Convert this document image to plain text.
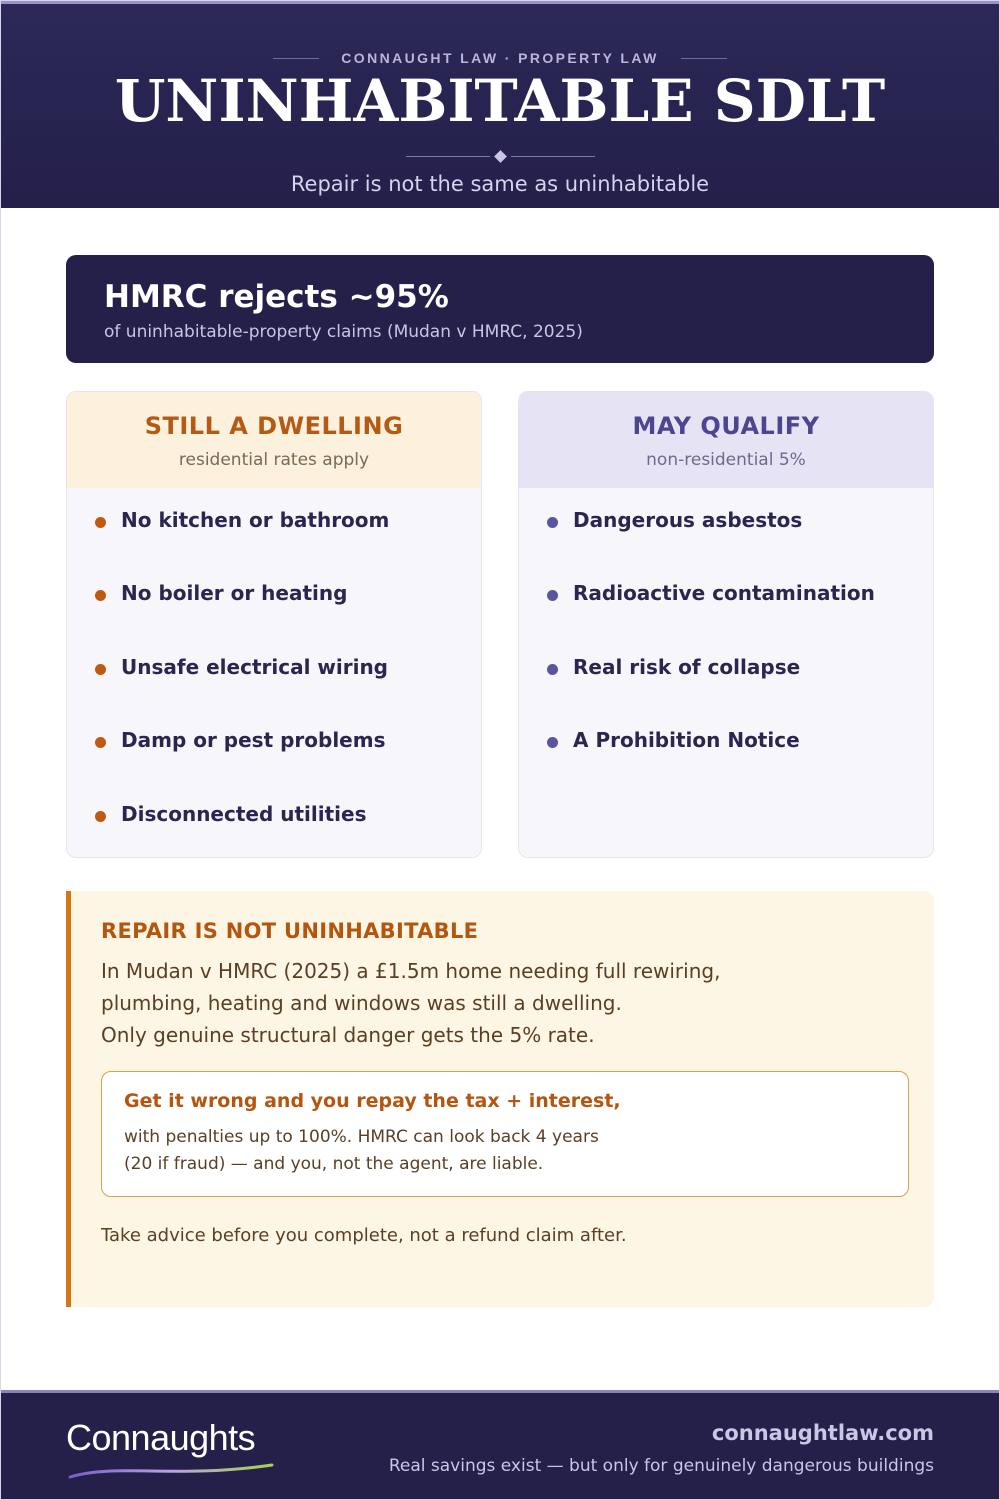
CONNAUGHT LAW · PROPERTY LAW
UNINHABITABLE SDLT
Repair is not the same as uninhabitable
HMRC rejects ~95%
of uninhabitable-property claims (Mudan v HMRC, 2025)
STILL A DWELLING
residential rates apply
No kitchen or bathroom
No boiler or heating
Unsafe electrical wiring
Damp or pest problems
Disconnected utilities
MAY QUALIFY
non-residential 5%
Dangerous asbestos
Radioactive contamination
Real risk of collapse
A Prohibition Notice
REPAIR IS NOT UNINHABITABLE
In Mudan v HMRC (2025) a £1.5m home needing full rewiring,
plumbing, heating and windows was still a dwelling.
Only genuine structural danger gets the 5% rate.
Get it wrong and you repay the tax + interest,
with penalties up to 100%. HMRC can look back 4 years
(20 if fraud) — and you, not the agent, are liable.
Take advice before you complete, not a refund claim after.
Connaughts	connaughtlaw.com
Real savings exist — but only for genuinely dangerous buildings
